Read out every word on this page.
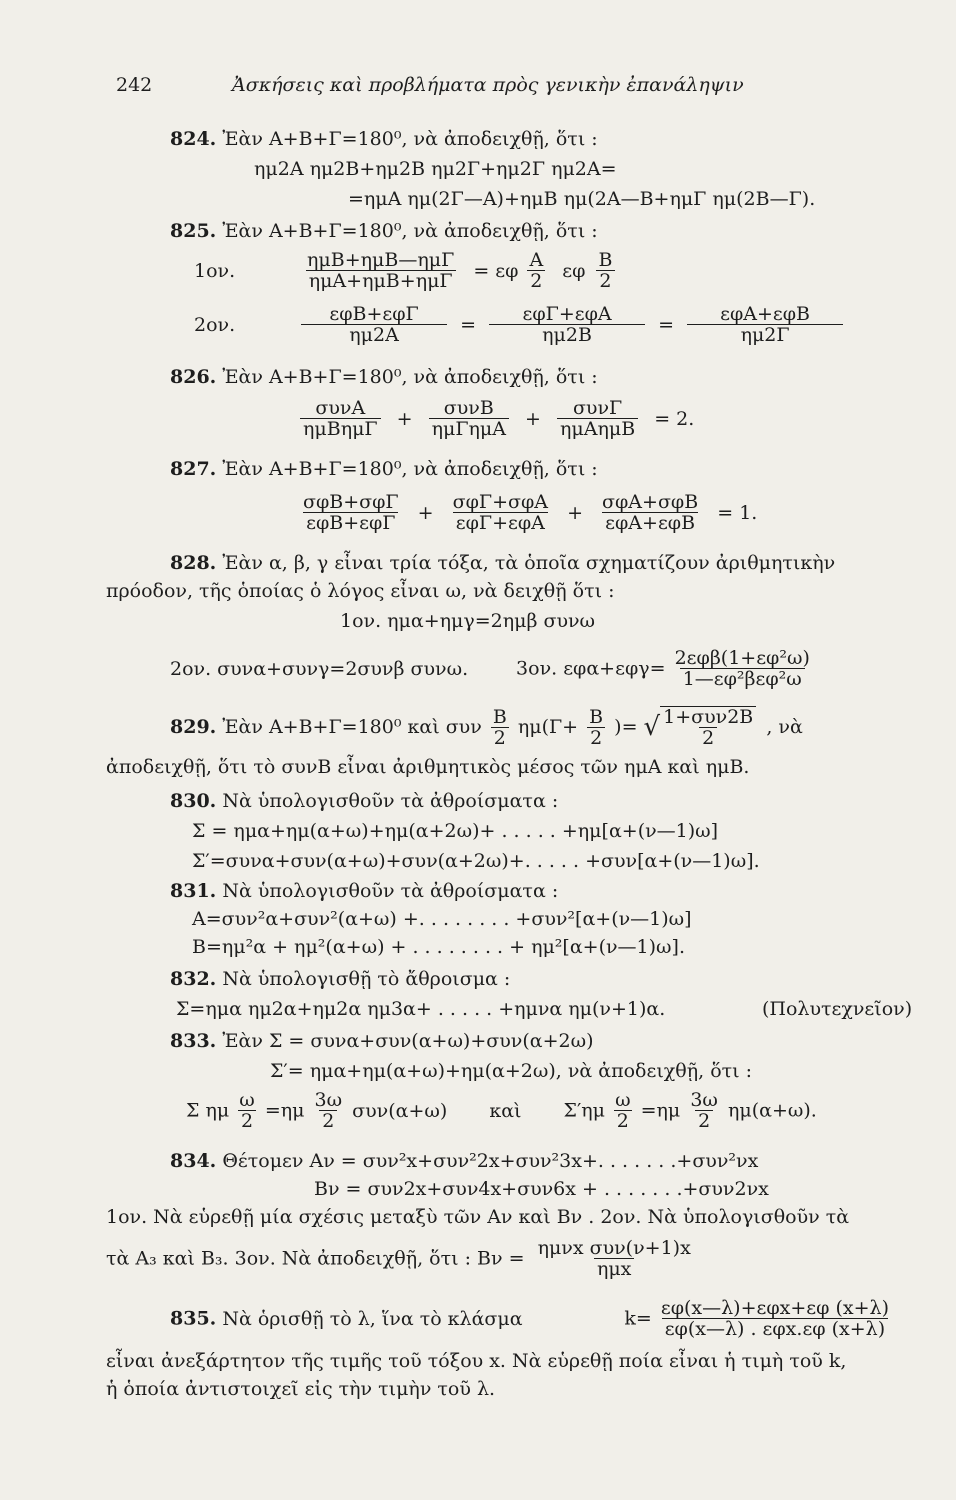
242	Ἀσκήσεις καὶ προβλήματα πρὸς γενικὴν ἐπανάληψιν
824. Ἐὰν Α+Β+Γ=180⁰, νὰ ἀποδειχθῇ, ὅτι :
ημ2Α ημ2Β+ημ2Β ημ2Γ+ημ2Γ ημ2Α=
=ημΑ ημ(2Γ—Α)+ημΒ ημ(2Α—Β+ημΓ ημ(2Β—Γ).
825. Ἐὰν Α+Β+Γ=180⁰, νὰ ἀποδειχθῇ, ὅτι :
1ον.	$\frac{\text{ημΒ+ημΒ—ημΓ}}{\text{ημΑ+ημΒ+ημΓ}} = \varepsilon\varphi \frac{A}{2}$ εφ $\frac{B}{2}$
2ον.	$\frac{\text{εφΒ+εφΓ}}{\eta\mu 2A} = \frac{\text{εφΓ+εφΑ}}{\eta\mu 2B} = \frac{\text{εφΑ+εφΒ}}{\eta\mu 2\Gamma}$
826. Ἐὰν Α+Β+Γ=180⁰, νὰ ἀποδειχθῇ, ὅτι :
$\frac{\text{συνΑ}}{\text{ημΒημΓ}} + \frac{\text{συνΒ}}{\text{ημΓημΑ}} + \frac{\text{συνΓ}}{\text{ημΑημΒ}} = 2$.
827. Ἐὰν Α+Β+Γ=180⁰, νὰ ἀποδειχθῇ, ὅτι :
$\frac{\text{σφΒ+σφΓ}}{\text{εφΒ+εφΓ}} + \frac{\text{σφΓ+σφΑ}}{\text{εφΓ+εφΑ}} + \frac{\text{σφΑ+σφΒ}}{\text{εφΑ+εφΒ}} = 1$.
828. Ἐὰν α, β, γ εἶναι τρία τόξα, τὰ ὁποῖα σχηματίζουν ἀριθμητικὴν
πρόοδον, τῆς ὁποίας ὁ λόγος εἶναι ω, νὰ δειχθῇ ὅτι :
1ον. ημα+ημγ=2ημβ συνω
2ον. συνα+συνγ=2συνβ συνω.	3ον. $\varepsilon\varphi\alpha+\varepsilon\varphi\gamma= \frac{\text{2εφβ(1+εφ²ω)}}{\text{1—εφ²βεφ²ω}}$
829. Ἐὰν Α+Β+Γ=180⁰ καὶ συν $\frac{B}{2} \eta\mu(\Gamma+ \frac{B}{2}$ )= √ $\frac{\text{1+συν2Β}}{2}$ , νὰ
ἀποδειχθῇ, ὅτι τὸ συνΒ εἶναι ἀριθμητικὸς μέσος τῶν ημΑ καὶ ημΒ.
830. Νὰ ὑπολογισθοῦν τὰ ἀθροίσματα :
Σ = ημα+ημ(α+ω)+ημ(α+2ω)+ . . . . . +ημ[α+(ν—1)ω]
Σ′=συνα+συν(α+ω)+συν(α+2ω)+. . . . . +συν[α+(ν—1)ω].
831. Νὰ ὑπολογισθοῦν τὰ ἀθροίσματα :
Α=συν²α+συν²(α+ω) +. . . . . . . . +συν²[α+(ν—1)ω]
Β=ημ²α + ημ²(α+ω) + . . . . . . . . + ημ²[α+(ν—1)ω].
832. Νὰ ὑπολογισθῇ τὸ ἄθροισμα :
Σ=ημα ημ2α+ημ2α ημ3α+ . . . . . +ημνα ημ(ν+1)α.	(Πολυτεχνεῖον)
833. Ἐὰν Σ = συνα+συν(α+ω)+συν(α+2ω)
Σ′= ημα+ημ(α+ω)+ημ(α+2ω), νὰ ἀποδειχθῇ, ὅτι :
Σ ημ $\frac{\omega}{2} =\eta\mu \frac{3\omega}{2} \sigma\upsilon\nu(\alpha+\omega)$ καὶ $\Sigma'\eta\mu \frac{\omega}{2} =\eta\mu \frac{3\omega}{2} \eta\mu(\alpha+\omega)$.
834. Θέτομεν Αν = συν²x+συν²2x+συν²3x+. . . . . . .+συν²νx
Βν = συν2x+συν4x+συν6x + . . . . . . .+συν2νx
1ον. Νὰ εὑρεθῇ μία σχέσις μεταξὺ τῶν Αν καὶ Βν . 2ον. Νὰ ὑπολογισθοῦν τὰ
τὰ Α₃ καὶ Β₃. 3ον. Νὰ ἀποδειχθῇ, ὅτι : $B\nu = \frac{\text{ημνx συν(ν+1)x}}{\text{ημx}}$
835. Νὰ ὁρισθῇ τὸ λ, ἵνα τὸ κλάσμα	$k= \frac{\text{εφ(x—λ)+εφx+εφ (x+λ)}}{\text{εφ(x—λ) . εφx.εφ (x+λ)}}$
εἶναι ἀνεξάρτητον τῆς τιμῆς τοῦ τόξου x. Νὰ εὑρεθῇ ποία εἶναι ἡ τιμὴ τοῦ k,
ἡ ὁποία ἀντιστοιχεῖ εἰς τὴν τιμὴν τοῦ λ.
